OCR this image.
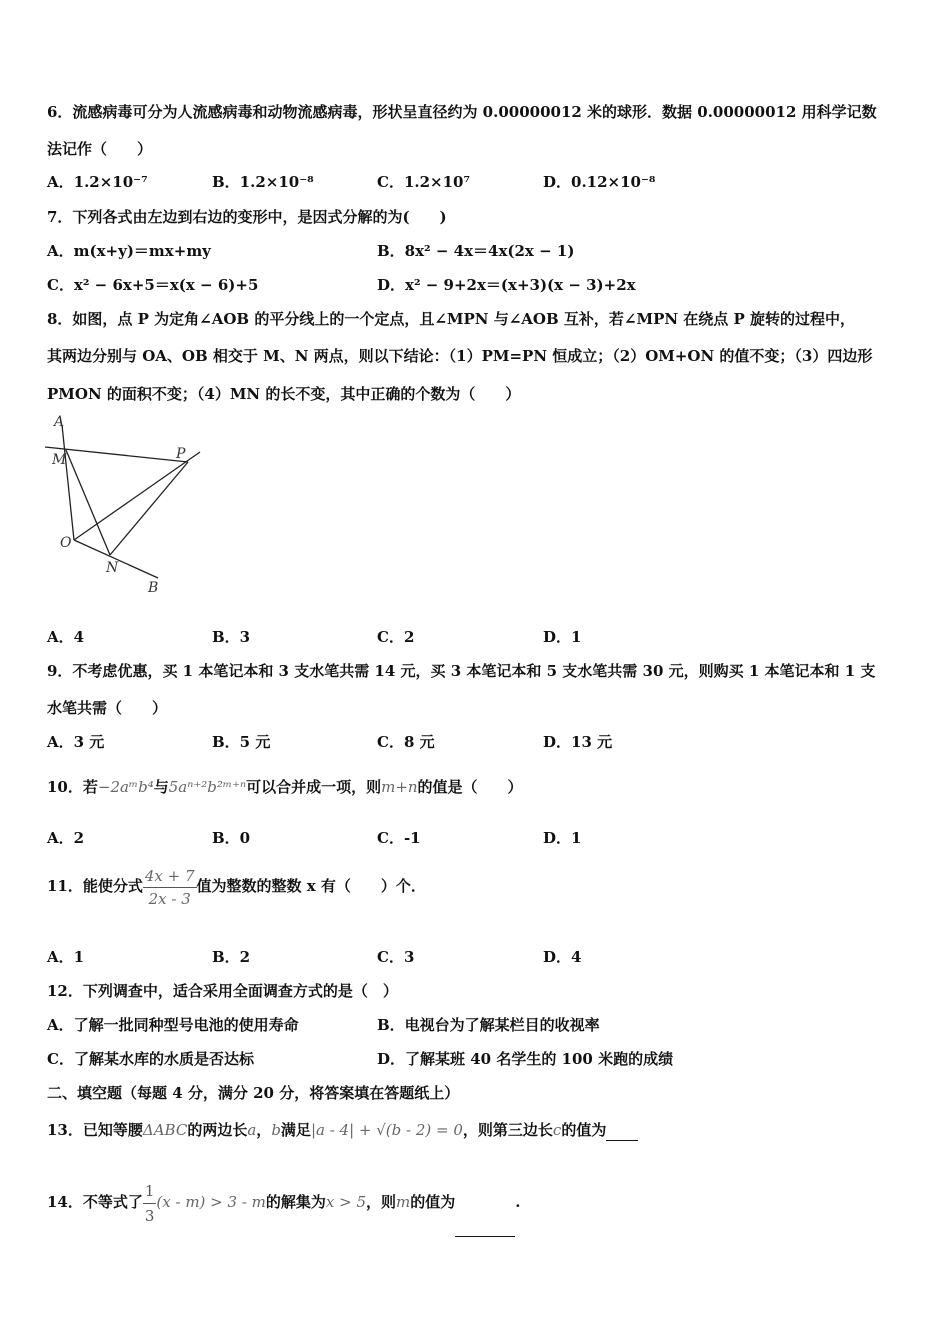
6．流感病毒可分为人流感病毒和动物流感病毒，形状呈直径约为 0.00000012 米的球形．数据 0.00000012 用科学记数
法记作（　　）
A．1.2×10⁻⁷	B．1.2×10⁻⁸	C．1.2×10⁷	D．0.12×10⁻⁸
7．下列各式由左边到右边的变形中，是因式分解的为(　　)
A．m(x+y)＝mx+my	B．8x² − 4x＝4x(2x − 1)
C．x² − 6x+5＝x(x − 6)+5	D．x² − 9+2x＝(x+3)(x − 3)+2x
8．如图，点 P 为定角∠AOB 的平分线上的一个定点，且∠MPN 与∠AOB 互补，若∠MPN 在绕点 P 旋转的过程中，
其两边分别与 OA、OB 相交于 M、N 两点，则以下结论：（1）PM=PN 恒成立；（2）OM+ON 的值不变；（3）四边形
PMON 的面积不变；（4）MN 的长不变，其中正确的个数为（　　）
A
M	P
O
N
B
A．4	B．3	C．2	D．1
9．不考虑优惠，买 1 本笔记本和 3 支水笔共需 14 元，买 3 本笔记本和 5 支水笔共需 30 元，则购买 1 本笔记本和 1 支
水笔共需（　　）
A．3 元	B．5 元	C．8 元	D．13 元
10．若−2aᵐb⁴与5aⁿ⁺²b²ᵐ⁺ⁿ可以合并成一项，则m+n的值是（　　）
A．2	B．0	C．-1	D．1
11．能使分式 $\frac{4x + 7}{2x - 3}$ 值为整数的整数 x 有（　　）个．
A．1	B．2	C．3	D．4
12．下列调查中，适合采用全面调查方式的是（　）
A．了解一批同种型号电池的使用寿命	B．电视台为了解某栏目的收视率
C．了解某水库的水质是否达标	D．了解某班 40 名学生的 100 米跑的成绩
二、填空题（每题 4 分，满分 20 分，将答案填在答题纸上）
13．已知等腰ΔABC的两边长a，b满足|a - 4| + √(b - 2) = 0，则第三边长c的值为
14．不等式了 $\frac{1}{3} (x - m) > 3 - m$的解集为x > 5，则m的值为	.
